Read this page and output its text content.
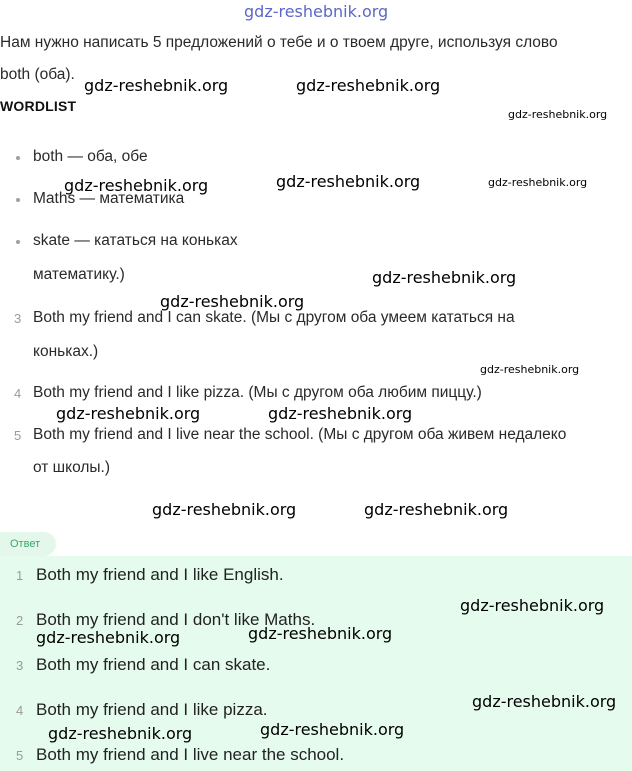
gdz-reshebnik.org
Нам нужно написать 5 предложений о тебе и о твоем друге, используя слово
both (оба).
WORDLIST
both — оба, обе
Maths — математика
skate — кататься на коньках
математику.)
3 Both my friend and I can skate. (Мы с другом оба умеем кататься на
коньках.)
4 Both my friend and I like pizza. (Мы с другом оба любим пиццу.)
5 Both my friend and I live near the school. (Мы с другом оба живем недалеко
от школы.)
Ответ
1 Both my friend and I like English.
2 Both my friend and I don't like Maths.
3 Both my friend and I can skate.
4 Both my friend and I like pizza.
5 Both my friend and I live near the school.
gdz-reshebnik.org	gdz-reshebnik.org
gdz-reshebnik.org
gdz-reshebnik.org	gdz-reshebnik.org	gdz-reshebnik.org
gdz-reshebnik.org
gdz-reshebnik.org
gdz-reshebnik.org
gdz-reshebnik.org	gdz-reshebnik.org
gdz-reshebnik.org	gdz-reshebnik.org
gdz-reshebnik.org
gdz-reshebnik.org	gdz-reshebnik.org
gdz-reshebnik.org
gdz-reshebnik.org	gdz-reshebnik.org
